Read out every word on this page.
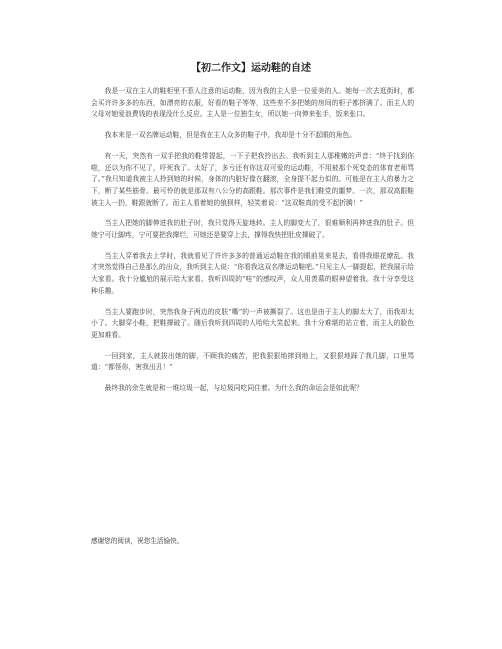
【初二作文】运动鞋的自述

我是一双在主人的鞋柜里不惹人注意的运动鞋，因为我的主人是一位爱美的人。她每一次去逛街时，都会买许许多多的东西，如漂亮的衣服，好看的鞋子等等，这些差不多把她的房间的柜子都挤满了。而主人的父母对她爱浪费钱的表现没什么反应。主人是一位独生女，所以她一向伸来张手，饭来张口。

我本来是一双名牌运动鞋，但是我在主人众多的鞋子中，我却是十分不起眼的角色。

有一天，突然有一双手把我的鞋带提起，一下子把我拎出去。我听到主人那稚嫩的声音：“终于找到你啦，还以为你不见了，吓死我了。太好了，多亏还有你这双可爱的运动鞋，不用被那个死变态的体育老师骂了。”我只知道我被主人拎到她的时候，身体的内脏好像在翻滚，全身提不起力似的。可能是在主人的暴力之下，断了某些筋骨。最可怜的就是那双有八公分的高跟鞋。那次事件是我们鞋党的噩梦。一次，那双高跟鞋被主人一扔，鞋跟就断了。而主人看着她的狼狈样，轻笑着说：“这双鞋真的受不起折腾！”

当主人把她的脚伸进我的肚子时，我只觉得天旋地转。主人的脚变大了，很难顺利再伸进我的肚子。但她宁可让脚疼，宁可要把我撑烂，可她还是要穿上去，撑得我快把肚皮撑破了。

当主人穿着我去上学时，我就看见了许许多多的普通运动鞋在我的眼前晃来晃去，看得我眼花缭乱。我才突然觉得自己是那么的出众，我听到主人说：“你看我这双名牌运动鞋吧。”只见主人一脚提起，把我展示给大家看。我十分尴尬的展示给大家看。我听四周的“哇”的感叹声，众人用羡慕的眼神望着我。我十分享受这种乐趣。

当主人要跑步时，突然我身子两边的皮肤“嘶”的一声被撕裂了。这也是由于主人的脚太大了，而我却太小了。大脚穿小鞋，把鞋撑破了。随后我听到四周的人哈哈大笑起来。我十分难堪的站立着，而主人的脸色更加难看。

一回到家，主人就拔出她的脚，不顾我的痛苦，把我狠狠地摔到地上，又狠狠地踩了我几脚，口里骂道：“都怪你，害我出丑！”

最终我的余生就是和一堆垃圾一起，与垃圾同吃同住着。为什么我的命运会是如此呢？

感谢您的阅读，祝您生活愉快。
